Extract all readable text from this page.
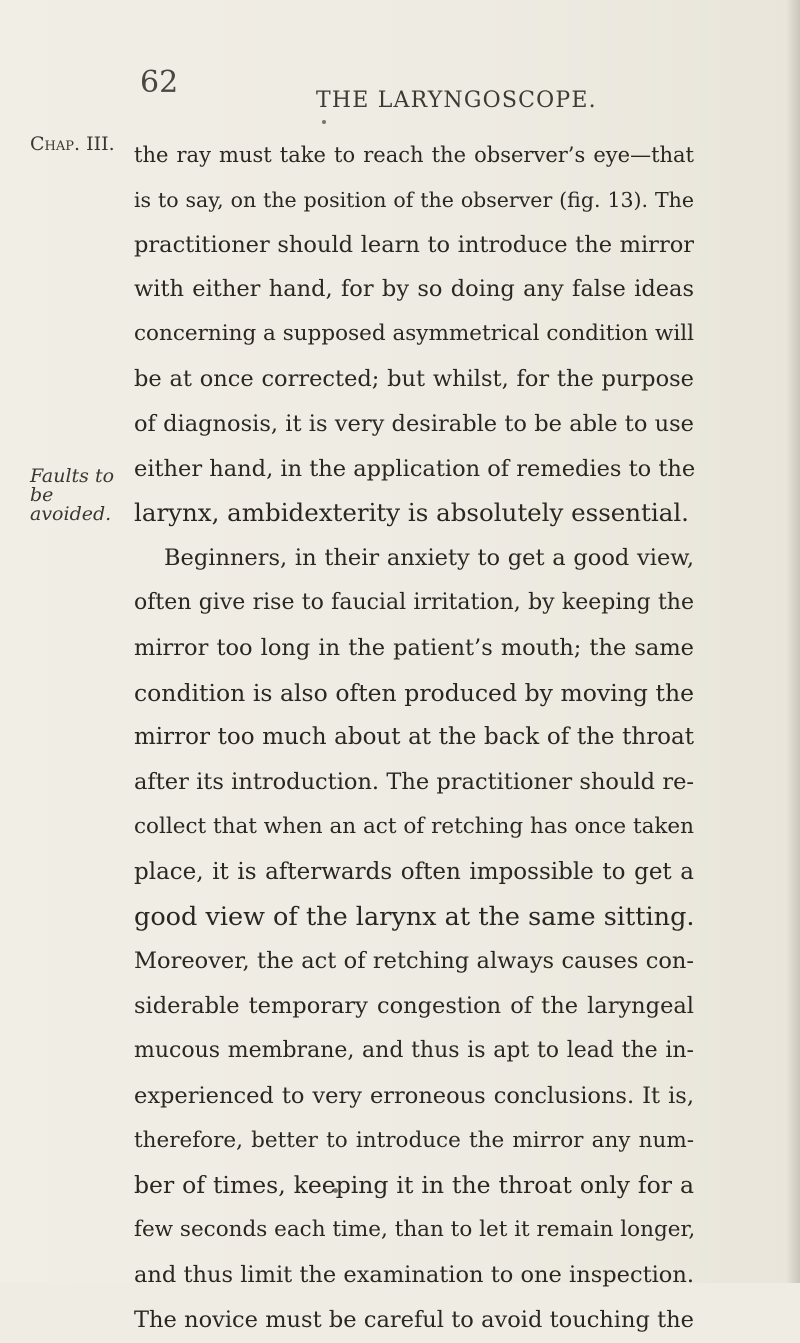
62
THE LARYNGOSCOPE.
Chap. III.
Faults to be
avoided.
the ray must take to reach the observer’s eye—that
is to say, on the position of the observer (fig. 13). The
practitioner should learn to introduce the mirror
with either hand, for by so doing any false ideas
concerning a supposed asymmetrical condition will
be at once corrected; but whilst, for the purpose
of diagnosis, it is very desirable to be able to use
either hand, in the application of remedies to the
larynx, ambidexterity is absolutely essential.
Beginners, in their anxiety to get a good view,
often give rise to faucial irritation, by keeping the
mirror too long in the patient’s mouth; the same
condition is also often produced by moving the
mirror too much about at the back of the throat
after its introduction. The practitioner should re-
collect that when an act of retching has once taken
place, it is afterwards often impossible to get a
good view of the larynx at the same sitting.
Moreover, the act of retching always causes con-
siderable temporary congestion of the laryngeal
mucous membrane, and thus is apt to lead the in-
experienced to very erroneous conclusions. It is,
therefore, better to introduce the mirror any num-
ber of times, keeping it in the throat only for a
few seconds each time, than to let it remain longer,
and thus limit the examination to one inspection.
The novice must be careful to avoid touching the
